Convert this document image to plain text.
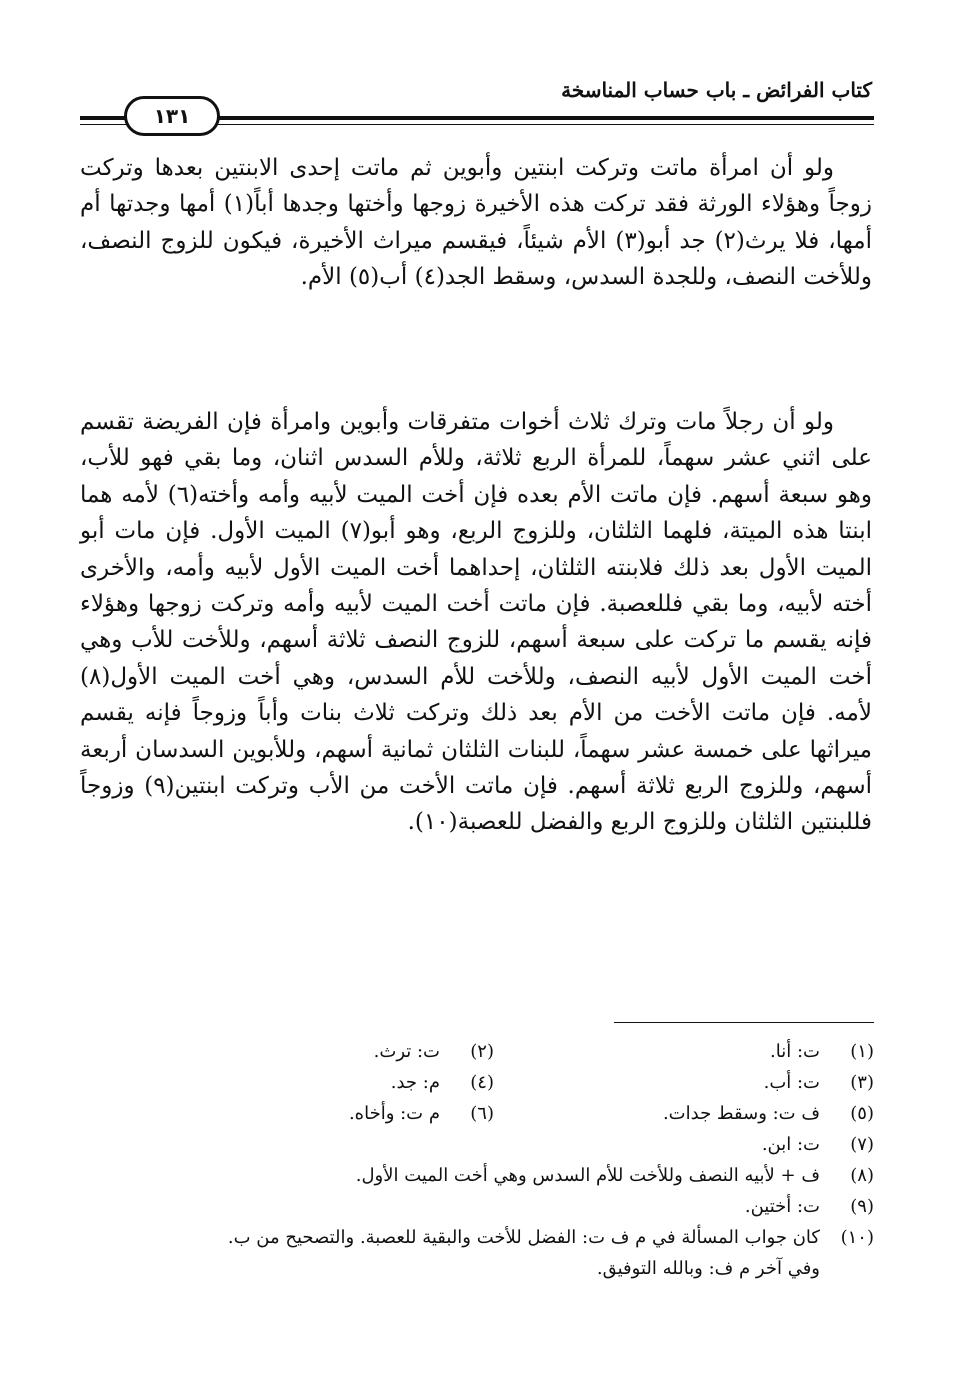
كتاب الفرائض ـ باب حساب المناسخة
١٣١

ولو أن امرأة ماتت وتركت ابنتين وأبوين ثم ماتت إحدى الابنتين بعدها وتركت زوجاً وهؤلاء الورثة فقد تركت هذه الأخيرة زوجها وأختها وجدها أباً(١) أمها وجدتها أم أمها، فلا يرث(٢) جد أبو(٣) الأم شيئاً، فيقسم ميراث الأخيرة، فيكون للزوج النصف، وللأخت النصف، وللجدة السدس، وسقط الجد(٤) أب(٥) الأم.

ولو أن رجلاً مات وترك ثلاث أخوات متفرقات وأبوين وامرأة فإن الفريضة تقسم على اثني عشر سهماً، للمرأة الربع ثلاثة، وللأم السدس اثنان، وما بقي فهو للأب، وهو سبعة أسهم. فإن ماتت الأم بعده فإن أخت الميت لأبيه وأمه وأخته(٦) لأمه هما ابنتا هذه الميتة، فلهما الثلثان، وللزوج الربع، وهو أبو(٧) الميت الأول. فإن مات أبو الميت الأول بعد ذلك فلابنته الثلثان، إحداهما أخت الميت الأول لأبيه وأمه، والأخرى أخته لأبيه، وما بقي فللعصبة. فإن ماتت أخت الميت لأبيه وأمه وتركت زوجها وهؤلاء فإنه يقسم ما تركت على سبعة أسهم، للزوج النصف ثلاثة أسهم، وللأخت للأب وهي أخت الميت الأول لأبيه النصف، وللأخت للأم السدس، وهي أخت الميت الأول(٨) لأمه. فإن ماتت الأخت من الأم بعد ذلك وتركت ثلاث بنات وأباً وزوجاً فإنه يقسم ميراثها على خمسة عشر سهماً، للبنات الثلثان ثمانية أسهم، وللأبوين السدسان أربعة أسهم، وللزوج الربع ثلاثة أسهم. فإن ماتت الأخت من الأب وتركت ابنتين(٩) وزوجاً فللبنتين الثلثان وللزوج الربع والفضل للعصبة(١٠).

(١)ت: أنا.
(٢)ت: ترث.
(٣)ت: أب.
(٤)م: جد.
(٥)ف ت: وسقط جدات.
(٦)م ت: وأخاه.
(٧)
ت: ابن.
(٨)
ف + لأبيه النصف وللأخت للأم السدس وهي أخت الميت الأول.
(٩)
ت: أختين.
(١٠)
كان جواب المسألة في م ف ت: الفضل للأخت والبقية للعصبة. والتصحيح من ب.
وفي آخر م ف: وبالله التوفيق.
